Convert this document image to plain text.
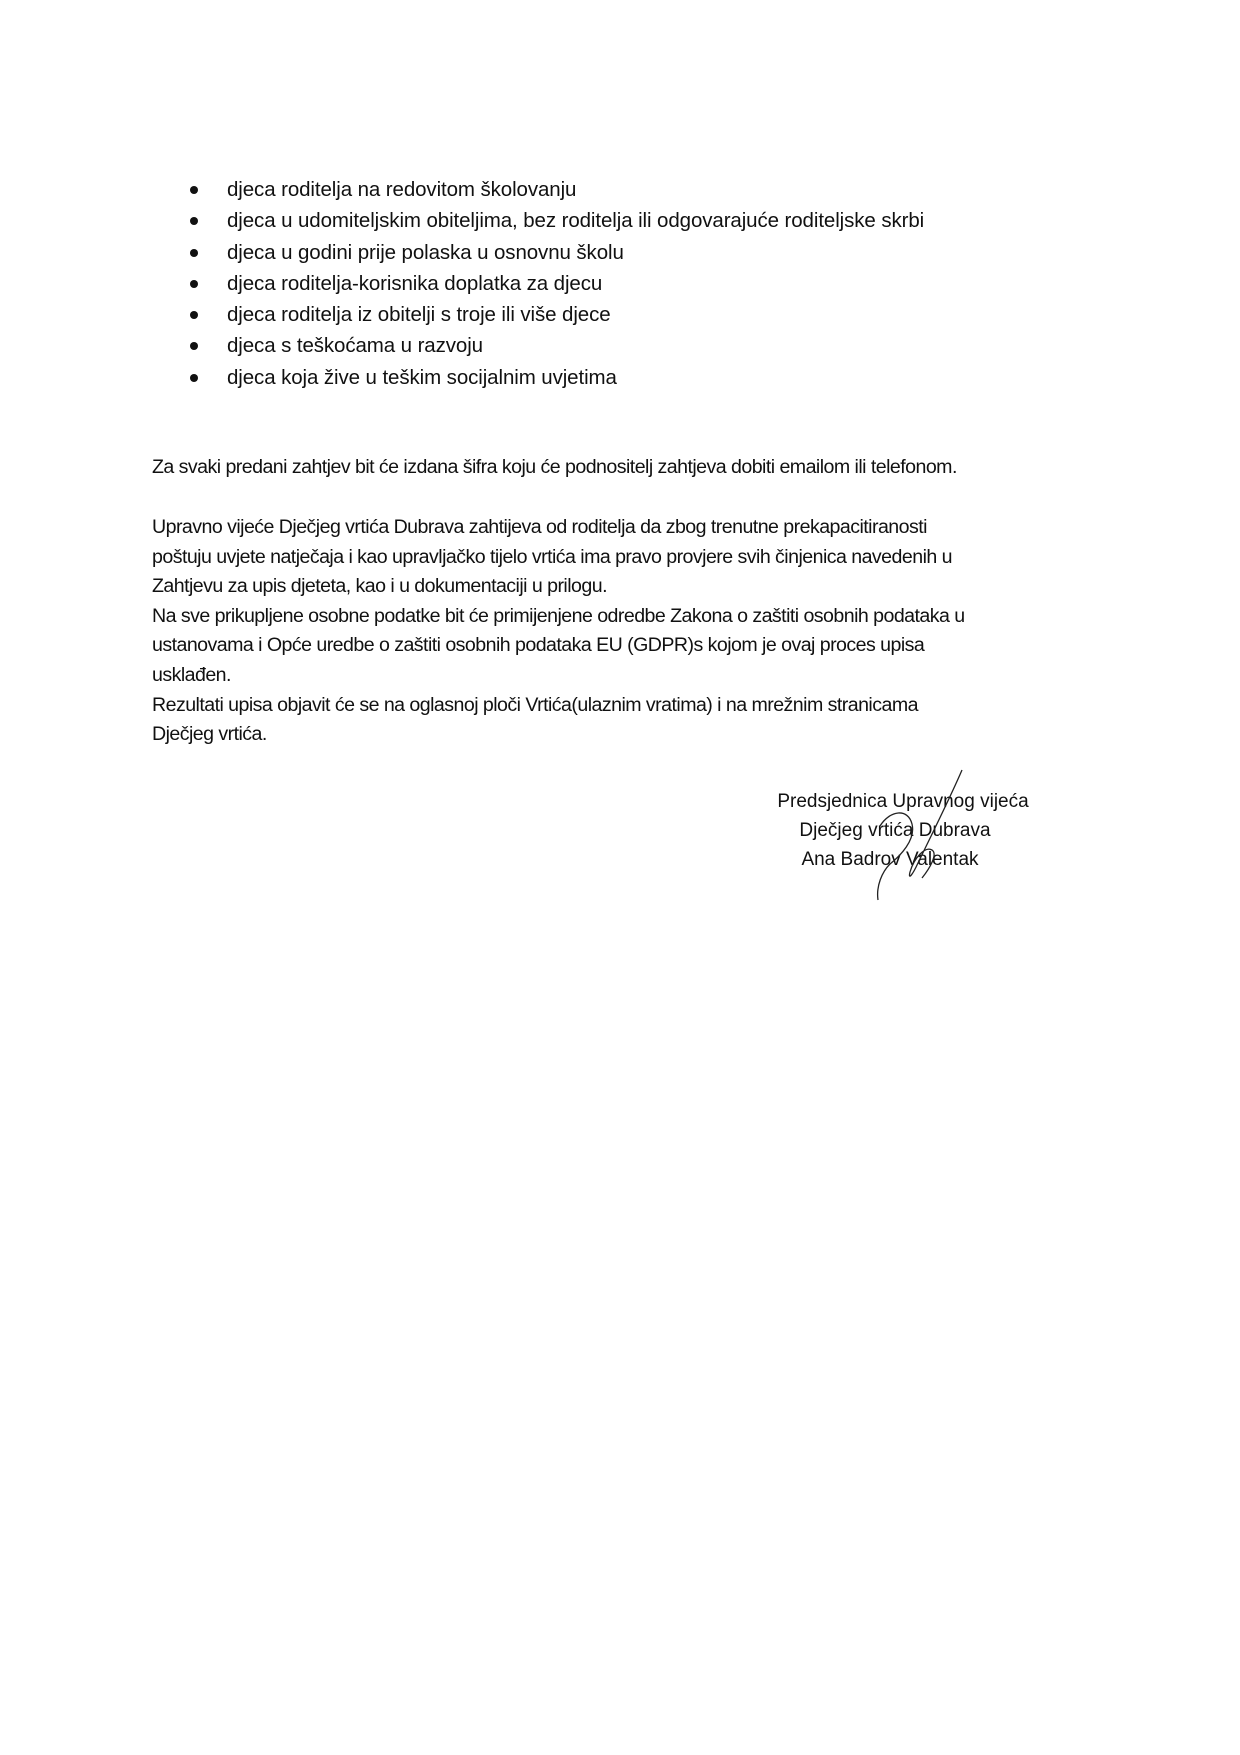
djeca roditelja na redovitom školovanju
djeca u udomiteljskim obiteljima, bez roditelja ili odgovarajuće roditeljske skrbi
djeca u godini prije polaska u osnovnu školu
djeca roditelja-korisnika doplatka za djecu
djeca roditelja iz obitelji s troje ili više djece
djeca s teškoćama u razvoju
djeca koja žive u teškim socijalnim uvjetima
Za svaki predani zahtjev bit će izdana šifra koju će podnositelj zahtjeva dobiti emailom ili telefonom.
Upravno vijeće Dječjeg vrtića Dubrava zahtijeva od roditelja da zbog trenutne prekapacitiranosti
poštuju uvjete natječaja i kao upravljačko tijelo vrtića ima pravo provjere svih činjenica navedenih u
Zahtjevu za upis djeteta, kao i u dokumentaciji u prilogu.
Na sve prikupljene osobne podatke bit će primijenjene odredbe Zakona o zaštiti osobnih podataka u
ustanovama i Opće uredbe o zaštiti osobnih podataka EU (GDPR)s kojom je ovaj proces upisa
usklađen.
Rezultati upisa objavit će se na oglasnoj ploči Vrtića(ulaznim vratima) i na mrežnim stranicama
Dječjeg vrtića.
Predsjednica Upravnog vijeća
Dječjeg vrtića Dubrava
Ana Badrov Valentak
